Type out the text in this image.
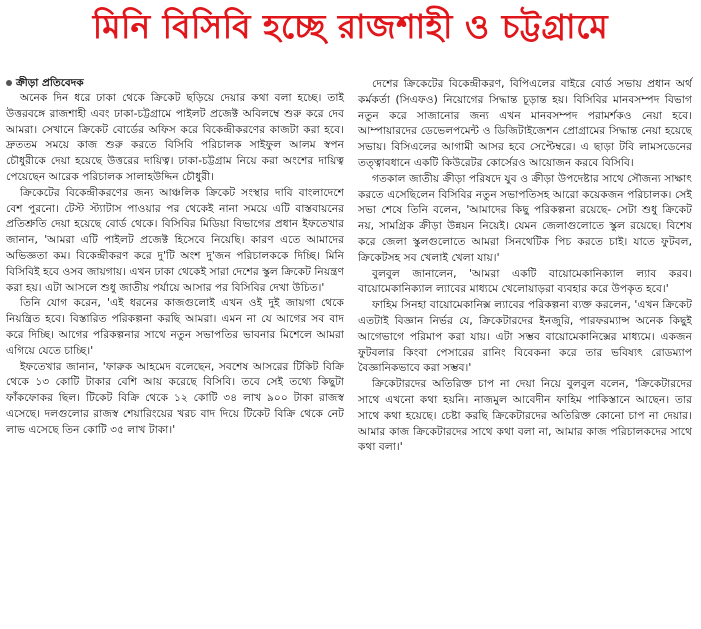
মিনি বিসিবি হচ্ছে রাজশাহী ও চট্টগ্রামে
ক্রীড়া প্রতিবেদক

অনেক দিন ধরে ঢাকা থেকে ক্রিকেট ছড়িয়ে দেয়ার কথা বলা হচ্ছে। তাই উত্তরবঙ্গে রাজশাহী এবং ঢাকা-চট্টগ্রামে পাইলট প্রজেক্ট অবিলম্বে শুরু করে দেব আমরা। সেখানে ক্রিকেট বোর্ডের অফিস করে বিকেন্দ্রীকরণের কাজটা করা হবে। দ্রুততম সময়ে কাজ শুরু করতে বিসিবি পরিচালক সাইফুল আলম স্বপন চৌধুরীকে দেয়া হয়েছে উত্তরের দায়িত্ব। ঢাকা-চট্টগ্রাম নিয়ে করা অংশের দায়িত্ব পেয়েছেন আরেক পরিচালক সালাহউদ্দিন চৌধুরী।

ক্রিকেটের বিকেন্দ্রীকরণের জন্য আঞ্চলিক ক্রিকেট সংস্থার দাবি বাংলাদেশে বেশ পুরনো। টেস্ট স্ট্যাটাস পাওয়ার পর থেকেই নানা সময়ে এটি বাস্তবায়নের প্রতিশ্রুতি দেয়া হয়েছে বোর্ড থেকে। বিসিবির মিডিয়া বিভাগের প্রধান ইফতেখার জানান, 'আমরা এটি পাইলট প্রজেক্ট হিসেবে নিয়েছি। কারণ এতে আমাদের অভিজ্ঞতা কম। বিকেন্দ্রীকরণ করে দু'টি অংশ দু'জন পরিচালককে দিচ্ছি। মিনি বিসিবিই হবে ওসব জায়গায়। এখন ঢাকা থেকেই সারা দেশের স্কুল ক্রিকেট নিয়ন্ত্রণ করা হয়। এটা আসলে শুধু জাতীয় পর্যায়ে আসার পর বিসিবির দেখা উচিত।'

তিনি যোগ করেন, 'এই ধরনের কাজগুলোই এখন ওই দুই জায়গা থেকে নিয়ন্ত্রিত হবে। বিস্তারিত পরিকল্পনা করছি আমরা। এমন না যে আগের সব বাদ করে দিচ্ছি। আগের পরিকল্পনার সাথে নতুন সভাপতির ভাবনার মিশেলে আমরা এগিয়ে যেতে চাচ্ছি।'

ইফতেখার জানান, 'ফারুক আহমেদ বলেছেন, সবশেষ আসরের টিকিট বিক্রি থেকে ১৩ কোটি টাকার বেশি আয় করেছে বিসিবি। তবে সেই তথ্যে কিছুটা ফাঁকফোকর ছিল। টিকেট বিক্রি থেকে ১২ কোটি ৩৪ লাখ ৯০০ টাকা রাজস্ব এসেছে। দলগুলোর রাজস্ব শেয়ারিংয়ের খরচ বাদ দিয়ে টিকেট বিক্রি থেকে নেট লাভ এসেছে তিন কোটি ৩৫ লাখ টাকা।'

দেশের ক্রিকেটের বিকেন্দ্রীকরণ, বিপিএলের বাইরে বোর্ড সভায় প্রধান অর্থ কর্মকর্তা (সিএফও) নিয়োগের সিদ্ধান্ত চূড়ান্ত হয়। বিসিবির মানবসম্পদ বিভাগ নতুন করে সাজানোর জন্য এখন মানবসম্পদ পরামর্শকও নেয়া হবে। আম্পায়ারদের ডেভেলপমেন্ট ও ডিজিটাইজেশন প্রোগ্রামের সিদ্ধান্ত নেয়া হয়েছে সভায়। বিসিএলের আগামী আসর হবে সেপ্টেম্বরে। এ ছাড়া টবি লামসডেনের তত্ত্বাবধানে একটি কিউরেটর কোর্সেরও আয়োজন করবে বিসিবি।

গতকাল জাতীয় ক্রীড়া পরিষদে যুব ও ক্রীড়া উপদেষ্টার সাথে সৌজন্য সাক্ষাৎ করতে এসেছিলেন বিসিবির নতুন সভাপতিসহ আরো কয়েকজন পরিচালক। সেই সভা শেষে তিনি বলেন, 'আমাদের কিছু পরিকল্পনা রয়েছে- সেটা শুধু ক্রিকেট নয়, সামগ্রিক ক্রীড়া উন্নয়ন নিয়েই। যেমন জেলাগুলোতে স্কুল রয়েছে। বিশেষ করে জেলা স্কুলগুলোতে আমরা সিনথেটিক পিচ করতে চাই। যাতে ফুটবল, ক্রিকেটসহ সব খেলাই খেলা যায়।'

বুলবুল জানালেন, 'আমরা একটি বায়োমেকানিক্যাল ল্যাব করব। বায়োমেকানিক্যাল ল্যাবের মাধ্যমে খেলোয়াড়রা ব্যবহার করে উপকৃত হবে।'

ফাহিম সিনহা বায়োমেকানিক্স ল্যাবের পরিকল্পনা ব্যক্ত করলেন, 'এখন ক্রিকেট এতটাই বিজ্ঞান নির্ভর যে, ক্রিকেটারদের ইনজুরি, পারফরম্যান্স অনেক কিছুই আগেভাগে পরিমাপ করা যায়। এটা সম্ভব বায়োমেকানিক্সের মাধ্যমে। একজন ফুটবলার কিংবা পেসারের রানিং বিবেকনা করে তার ভবিষ্যৎ রোডম্যাপ বৈজ্ঞানিকভাবে করা সম্ভব।'

ক্রিকেটারদের অতিরিক্ত চাপ না দেয়া নিয়ে বুলবুল বলেন, 'ক্রিকেটারদের সাথে এখনো কথা হয়নি। নাজমুল আবেদীন ফাহিম পাকিস্তানে আছেন। তার সাথে কথা হয়েছে। চেষ্টা করছি ক্রিকেটারদের অতিরিক্ত কোনো চাপ না দেয়ার। আমার কাজ ক্রিকেটারদের সাথে কথা বলা না, আমার কাজ পরিচালকদের সাথে কথা বলা।'
